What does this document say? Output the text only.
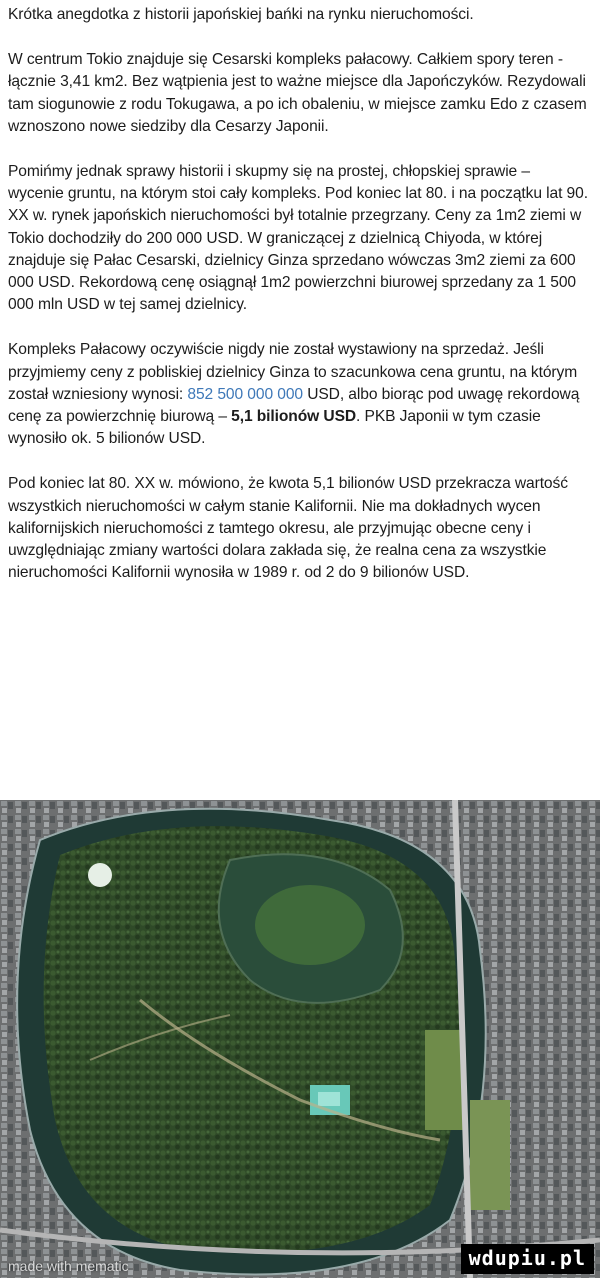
Krótka anegdotka z historii japońskiej bańki na rynku nieruchomości.

W centrum Tokio znajduje się Cesarski kompleks pałacowy. Całkiem spory teren - łącznie 3,41 km2. Bez wątpienia jest to ważne miejsce dla Japończyków. Rezydowali tam siogunowie z rodu Tokugawa, a po ich obaleniu, w miejsce zamku Edo z czasem wznoszono nowe siedziby dla Cesarzy Japonii.

Pomińmy jednak sprawy historii i skupmy się na prostej, chłopskiej sprawie – wycenie gruntu, na którym stoi cały kompleks. Pod koniec lat 80. i na początku lat 90. XX w. rynek japońskich nieruchomości był totalnie przegrzany. Ceny za 1m2 ziemi w Tokio dochodziły do 200 000 USD. W graniczącej z dzielnicą Chiyoda, w której znajduje się Pałac Cesarski, dzielnicy Ginza sprzedano wówczas 3m2 ziemi za 600 000 USD. Rekordową cenę osiągnął 1m2 powierzchni biurowej sprzedany za 1 500 000 mln USD w tej samej dzielnicy.

Kompleks Pałacowy oczywiście nigdy nie został wystawiony na sprzedaż. Jeśli przyjmiemy ceny z pobliskiej dzielnicy Ginza to szacunkowa cena gruntu, na którym został wzniesiony wynosi: 852 500 000 000 USD, albo biorąc pod uwagę rekordową cenę za powierzchnię biurową – 5,1 bilionów USD. PKB Japonii w tym czasie wynosiło ok. 5 bilionów USD.

Pod koniec lat 80. XX w. mówiono, że kwota 5,1 bilionów USD przekracza wartość wszystkich nieruchomości w całym stanie Kalifornii. Nie ma dokładnych wycen kalifornijskich nieruchomości z tamtego okresu, ale przyjmując obecne ceny i uwzględniając zmiany wartości dolara zakłada się, że realna cena za wszystkie nieruchomości Kalifornii wynosiła w 1989 r. od 2 do 9 bilionów USD.

made with mematic	wdupiu.pl
